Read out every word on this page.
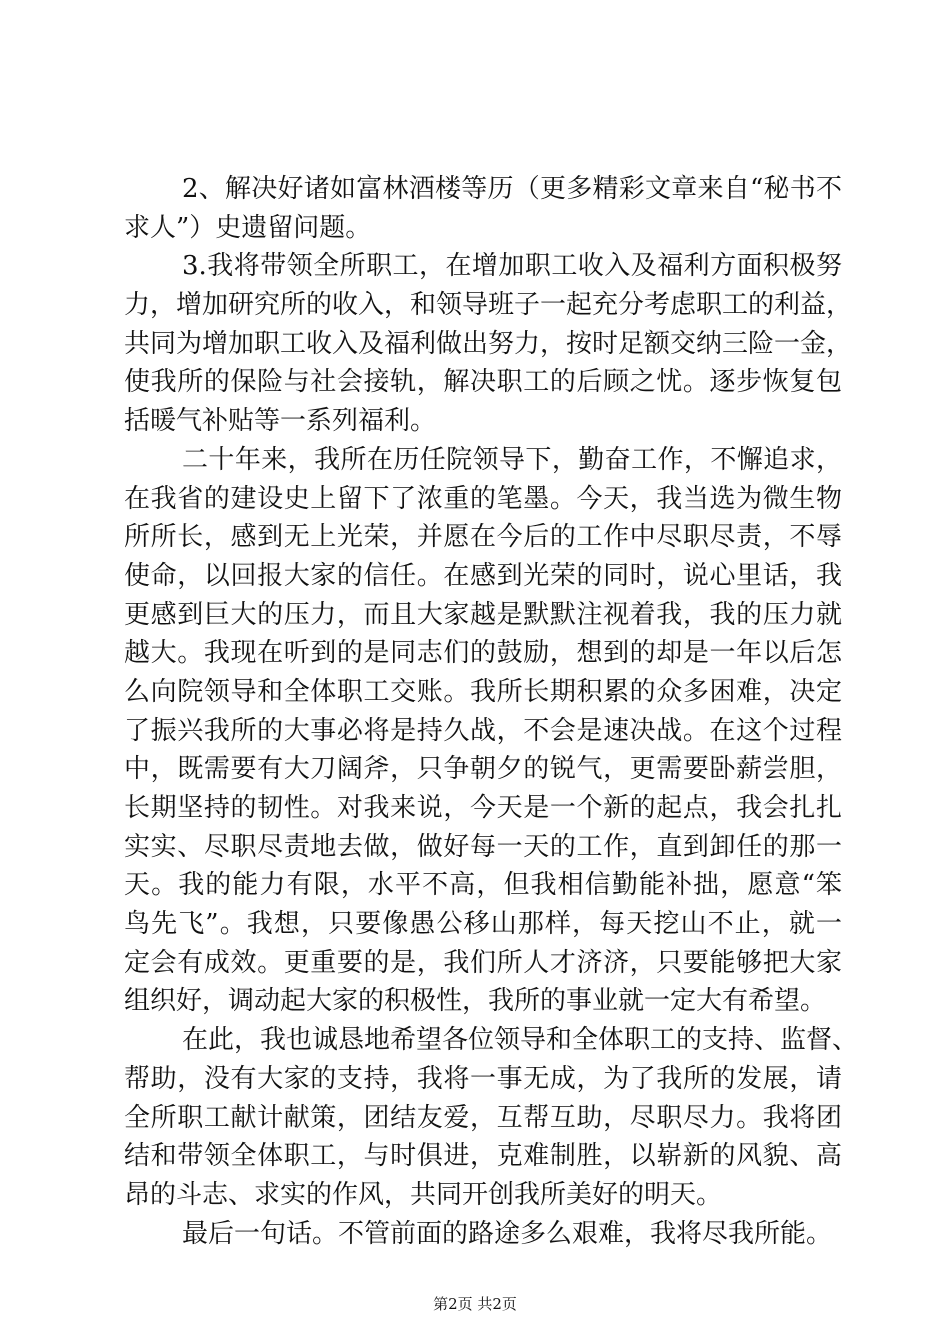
2、解决好诸如富林酒楼等历（更多精彩文章来自“秘书不
求人”）史遗留问题。
3.我将带领全所职工，在增加职工收入及福利方面积极努
力，增加研究所的收入，和领导班子一起充分考虑职工的利益，
共同为增加职工收入及福利做出努力，按时足额交纳三险一金，
使我所的保险与社会接轨，解决职工的后顾之忧。逐步恢复包
括暖气补贴等一系列福利。
二十年来，我所在历任院领导下，勤奋工作，不懈追求，
在我省的建设史上留下了浓重的笔墨。今天，我当选为微生物
所所长，感到无上光荣，并愿在今后的工作中尽职尽责，不辱
使命，以回报大家的信任。在感到光荣的同时，说心里话，我
更感到巨大的压力，而且大家越是默默注视着我，我的压力就
越大。我现在听到的是同志们的鼓励，想到的却是一年以后怎
么向院领导和全体职工交账。我所长期积累的众多困难，决定
了振兴我所的大事必将是持久战，不会是速决战。在这个过程
中，既需要有大刀阔斧，只争朝夕的锐气，更需要卧薪尝胆，
长期坚持的韧性。对我来说，今天是一个新的起点，我会扎扎
实实、尽职尽责地去做，做好每一天的工作，直到卸任的那一
天。我的能力有限，水平不高，但我相信勤能补拙，愿意“笨
鸟先飞”。我想，只要像愚公移山那样，每天挖山不止，就一
定会有成效。更重要的是，我们所人才济济，只要能够把大家
组织好，调动起大家的积极性，我所的事业就一定大有希望。
在此，我也诚恳地希望各位领导和全体职工的支持、监督、
帮助，没有大家的支持，我将一事无成，为了我所的发展，请
全所职工献计献策，团结友爱，互帮互助，尽职尽力。我将团
结和带领全体职工，与时俱进，克难制胜，以崭新的风貌、高
昂的斗志、求实的作风，共同开创我所美好的明天。
最后一句话。不管前面的路途多么艰难，我将尽我所能。
第2页 共2页
